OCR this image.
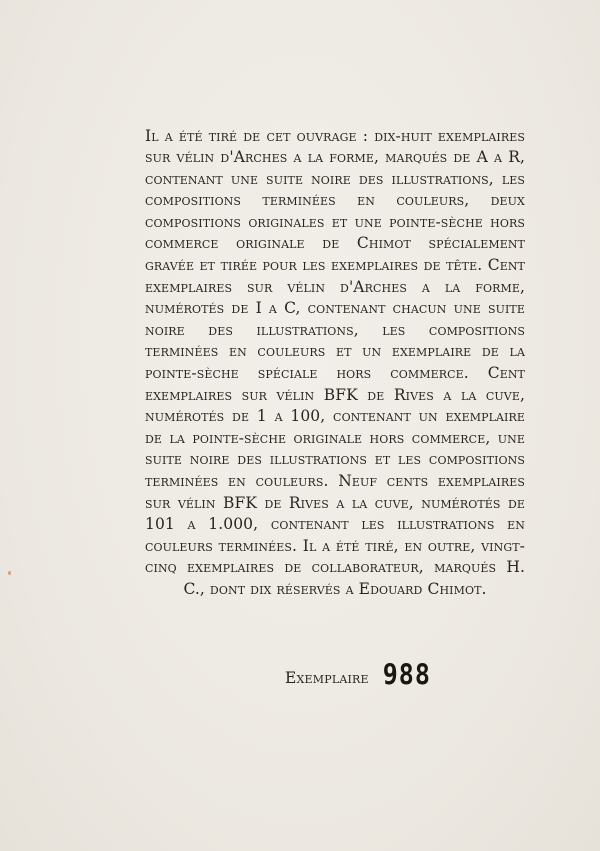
Il a été tiré de cet ouvrage : dix-huit exemplaires sur vélin d'Arches a la forme, marqués de A a R, contenant une suite noire des illustrations, les compositions terminées en couleurs, deux compositions originales et une pointe-sèche hors commerce originale de Chimot spécialement gravée et tirée pour les exemplaires de tête. Cent exemplaires sur vélin d'Arches a la forme, numérotés de I a C, contenant chacun une suite noire des illustrations, les compositions terminées en couleurs et un exemplaire de la pointe-sèche spéciale hors commerce. Cent exemplaires sur vélin BFK de Rives a la cuve, numérotés de 1 a 100, contenant un exemplaire de la pointe-sèche originale hors commerce, une suite noire des illustrations et les compositions terminées en couleurs. Neuf cents exemplaires sur vélin BFK de Rives a la cuve, numérotés de 101 a 1.000, contenant les illustrations en couleurs terminées. Il a été tiré, en outre, vingt-cinq exemplaires de collaborateur, marqués H. C., dont dix réservés a Edouard Chimot.

Exemplaire 988
